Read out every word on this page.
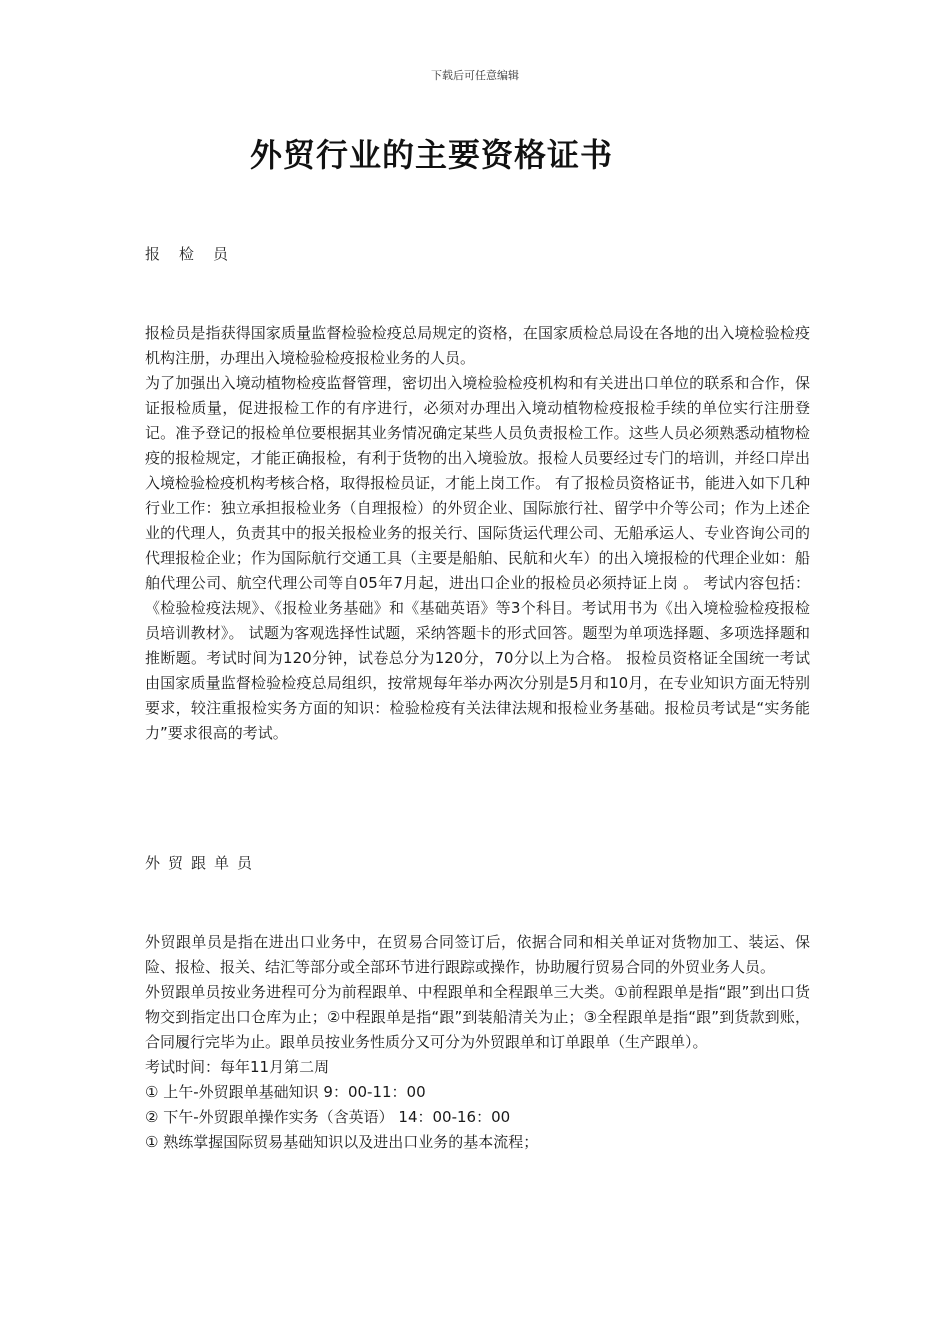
下载后可任意编辑
外贸行业的主要资格证书
报检员

报检员是指获得国家质量监督检验检疫总局规定的资格，在国家质检总局设在各地的出入境检验检疫机构注册，办理出入境检验检疫报检业务的人员。

为了加强出入境动植物检疫监督管理，密切出入境检验检疫机构和有关进出口单位的联系和合作，保证报检质量，促进报检工作的有序进行，必须对办理出入境动植物检疫报检手续的单位实行注册登记。准予登记的报检单位要根据其业务情况确定某些人员负责报检工作。这些人员必须熟悉动植物检疫的报检规定，才能正确报检，有利于货物的出入境验放。报检人员要经过专门的培训，并经口岸出入境检验检疫机构考核合格，取得报检员证，才能上岗工作。 有了报检员资格证书，能进入如下几种行业工作：独立承担报检业务（自理报检）的外贸企业、国际旅行社、留学中介等公司；作为上述企业的代理人，负责其中的报关报检业务的报关行、国际货运代理公司、无船承运人、专业咨询公司的代理报检企业；作为国际航行交通工具（主要是船舶、民航和火车）的出入境报检的代理企业如：船舶代理公司、航空代理公司等自05年7月起，进出口企业的报检员必须持证上岗 。 考试内容包括：《检验检疫法规》、《报检业务基础》和《基础英语》等3个科目。考试用书为《出入境检验检疫报检员培训教材》。 试题为客观选择性试题，采纳答题卡的形式回答。题型为单项选择题、多项选择题和推断题。考试时间为120分钟，试卷总分为120分，70分以上为合格。 报检员资格证全国统一考试由国家质量监督检验检疫总局组织，按常规每年举办两次分别是5月和10月，在专业知识方面无特别要求，较注重报检实务方面的知识：检验检疫有关法律法规和报检业务基础。报检员考试是“实务能力”要求很高的考试。

外贸跟单员

外贸跟单员是指在进出口业务中，在贸易合同签订后，依据合同和相关单证对货物加工、装运、保险、报检、报关、结汇等部分或全部环节进行跟踪或操作，协助履行贸易合同的外贸业务人员。

外贸跟单员按业务进程可分为前程跟单、中程跟单和全程跟单三大类。①前程跟单是指“跟”到出口货物交到指定出口仓库为止；②中程跟单是指“跟”到装船清关为止；③全程跟单是指“跟”到货款到账，合同履行完毕为止。跟单员按业务性质分又可分为外贸跟单和订单跟单（生产跟单）。

考试时间：每年11月第二周

① 上午-外贸跟单基础知识 9：00-11：00

② 下午-外贸跟单操作实务（含英语） 14：00-16：00

① 熟练掌握国际贸易基础知识以及进出口业务的基本流程；
